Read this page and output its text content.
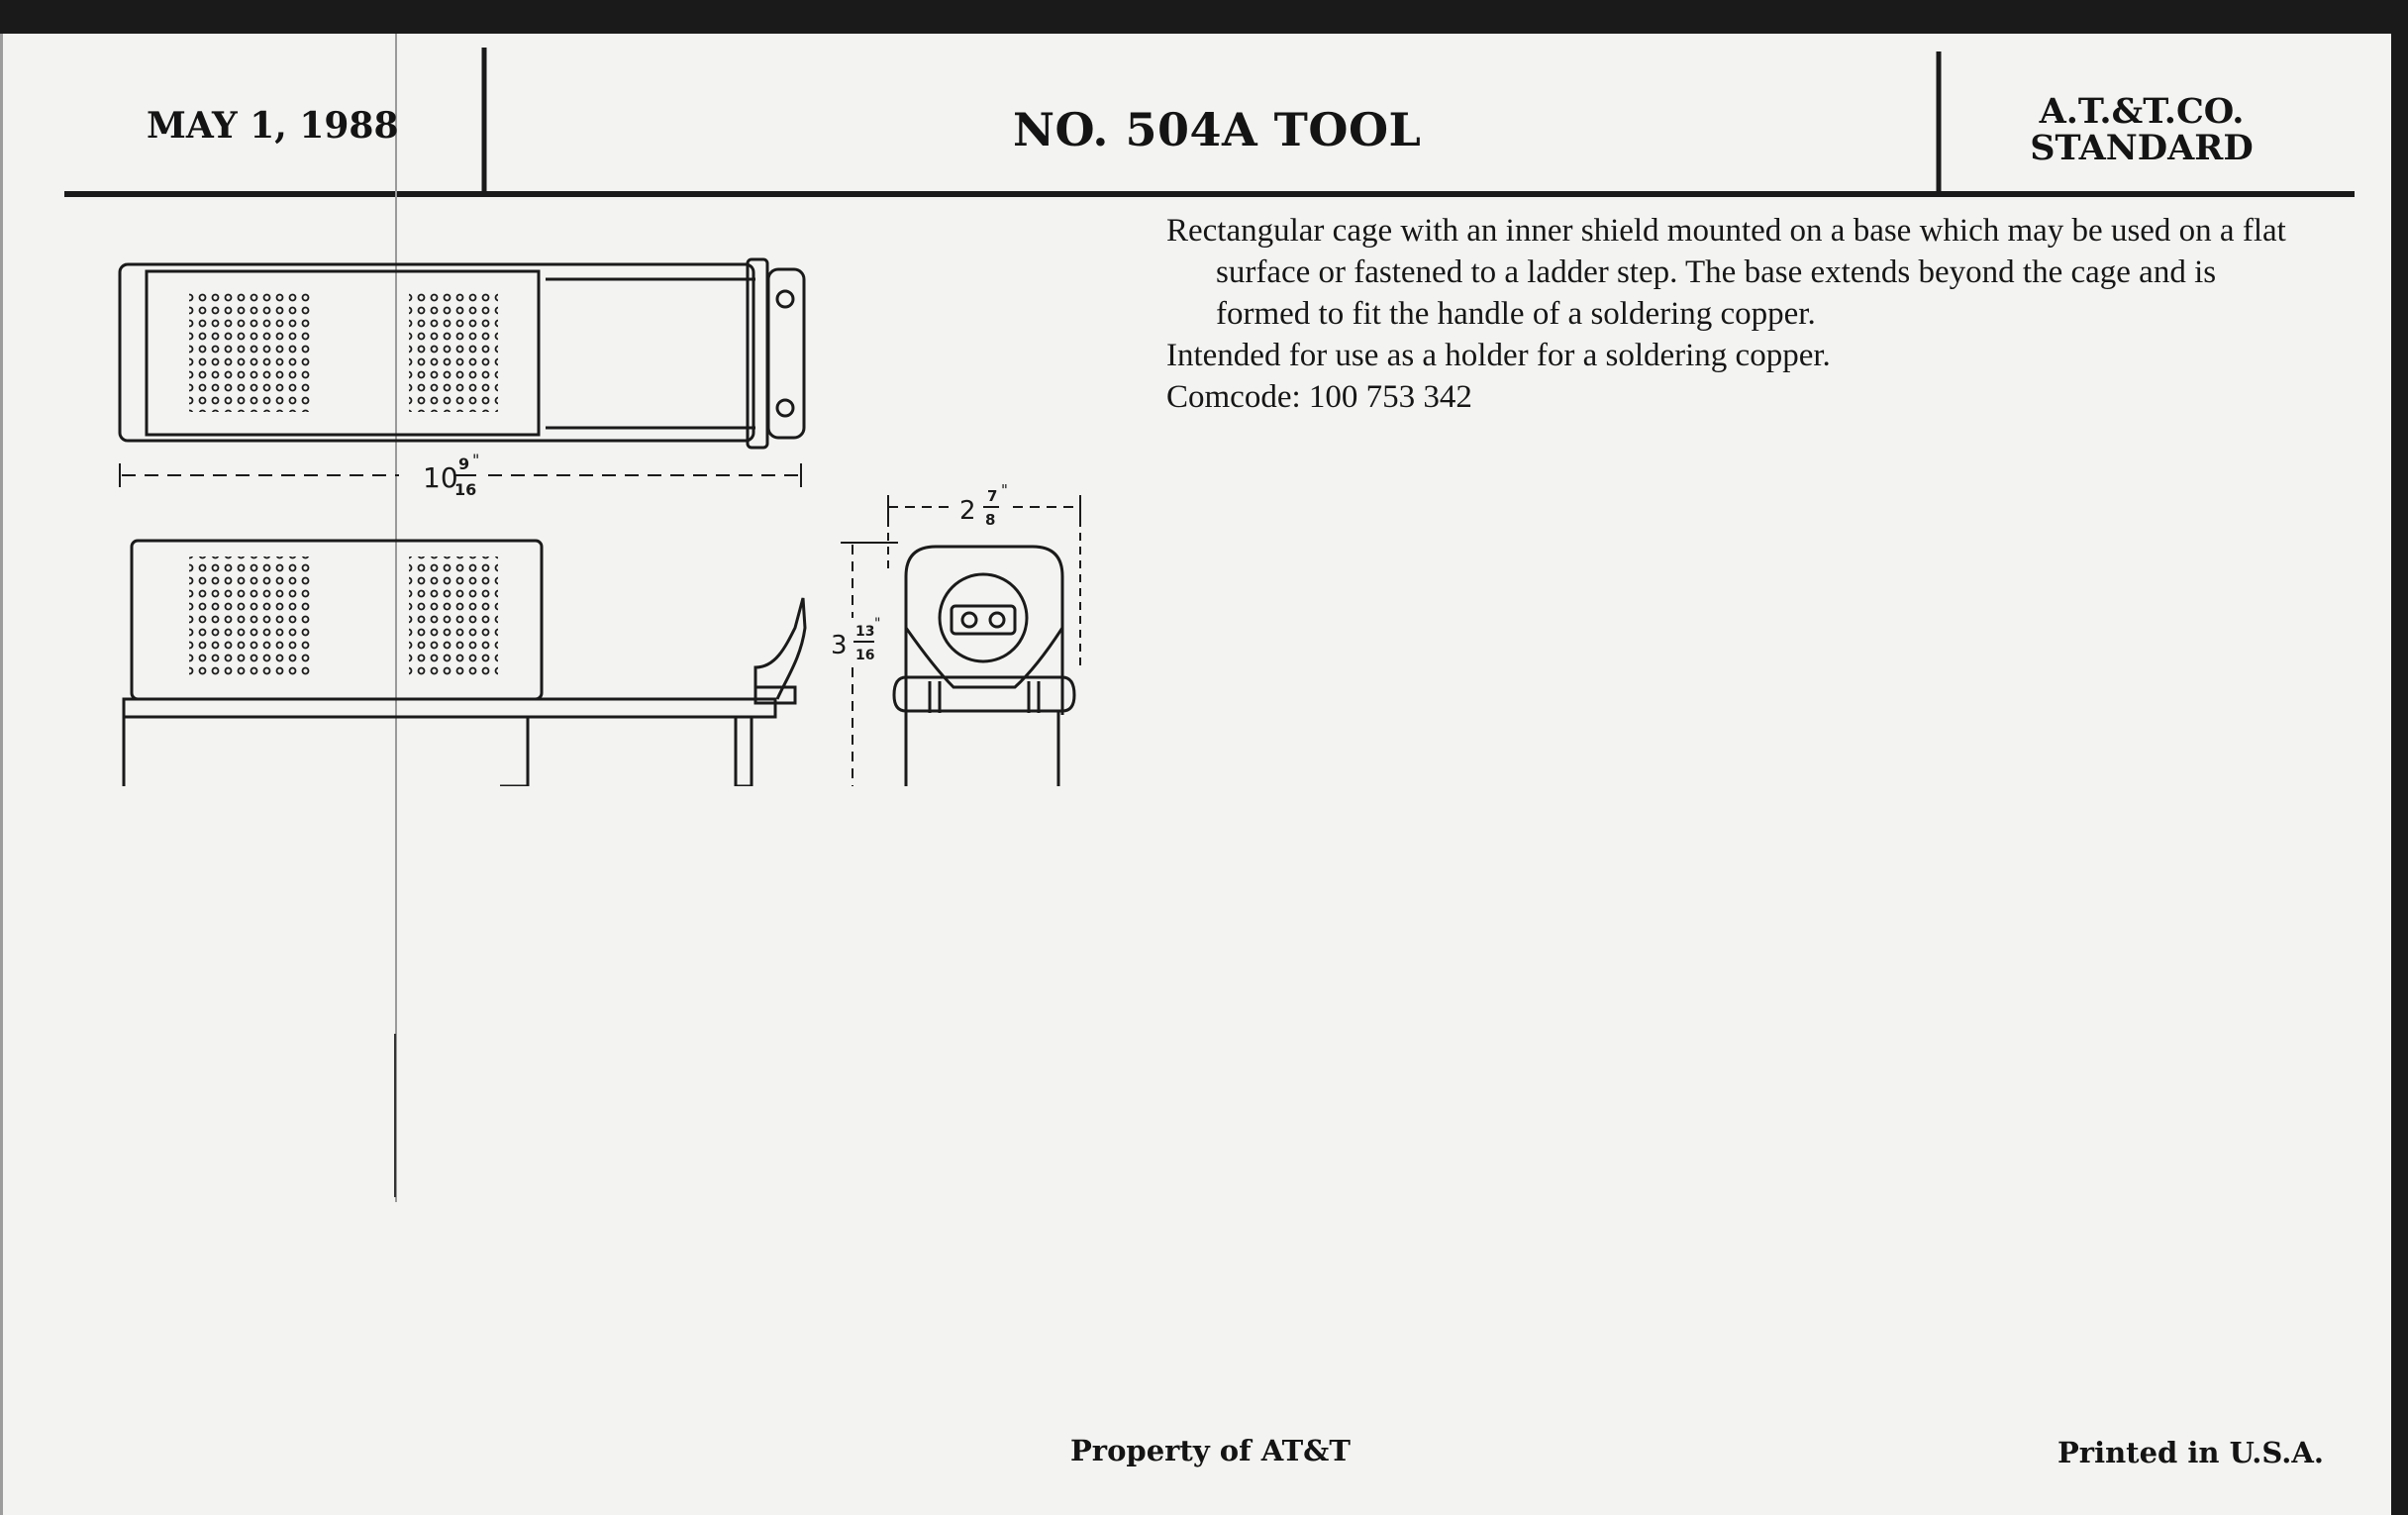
MAY 1, 1988	NO. 504A TOOL	A.T.&T.CO.
STANDARD

Rectangular cage with an inner shield mounted on a base which may be used on a flat surface or fastened to a ladder step. The base extends beyond the cage and is formed to fit the handle of a soldering copper.

Intended for use as a holder for a soldering copper.

Comcode: 100 753 342

10 9
16
"
2 7
8
"
3 13
16
"
Property of AT&T	Printed in U.S.A.
